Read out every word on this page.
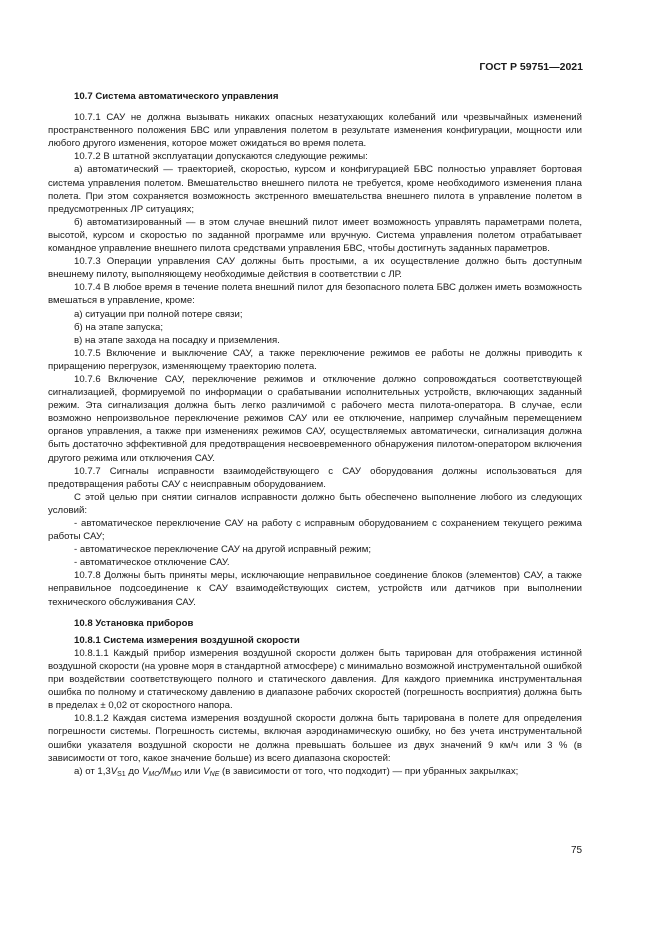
ГОСТ Р 59751—2021

10.7 Система автоматического управления

10.7.1 САУ не должна вызывать никаких опасных незатухающих колебаний или чрезвычайных изменений пространственного положения БВС или управления полетом в результате изменения конфигурации, мощности или любого другого изменения, которое может ожидаться во время полета.

10.7.2 В штатной эксплуатации допускаются следующие режимы:

а) автоматический — траекторией, скоростью, курсом и конфигурацией БВС полностью управляет бортовая система управления полетом. Вмешательство внешнего пилота не требуется, кроме необходимого изменения плана полета. При этом сохраняется возможность экстренного вмешательства внешнего пилота в управление полетом в предусмотренных ЛР ситуациях;

б) автоматизированный — в этом случае внешний пилот имеет возможность управлять параметрами полета, высотой, курсом и скоростью по заданной программе или вручную. Система управления полетом отрабатывает командное управление внешнего пилота средствами управления БВС, чтобы достигнуть заданных параметров.

10.7.3 Операции управления САУ должны быть простыми, а их осуществление должно быть доступным внешнему пилоту, выполняющему необходимые действия в соответствии с ЛР.

10.7.4 В любое время в течение полета внешний пилот для безопасного полета БВС должен иметь возможность вмешаться в управление, кроме:

а) ситуации при полной потере связи;

б) на этапе запуска;

в) на этапе захода на посадку и приземления.

10.7.5 Включение и выключение САУ, а также переключение режимов ее работы не должны приводить к приращению перегрузок, изменяющему траекторию полета.

10.7.6 Включение САУ, переключение режимов и отключение должно сопровождаться соответствующей сигнализацией, формируемой по информации о срабатывании исполнительных устройств, включающих заданный режим. Эта сигнализация должна быть легко различимой с рабочего места пилота-оператора. В случае, если возможно непроизвольное переключение режимов САУ или ее отключение, например случайным перемещением органов управления, а также при изменениях режимов САУ, осуществляемых автоматически, сигнализация должна быть достаточно эффективной для предотвращения несвоевременного обнаружения пилотом-оператором включения другого режима или отключения САУ.

10.7.7 Сигналы исправности взаимодействующего с САУ оборудования должны использоваться для предотвращения работы САУ с неисправным оборудованием.

С этой целью при снятии сигналов исправности должно быть обеспечено выполнение любого из следующих условий:

- автоматическое переключение САУ на работу с исправным оборудованием с сохранением текущего режима работы САУ;

- автоматическое переключение САУ на другой исправный режим;

- автоматическое отключение САУ.

10.7.8 Должны быть приняты меры, исключающие неправильное соединение блоков (элементов) САУ, а также неправильное подсоединение к САУ взаимодействующих систем, устройств или датчиков при выполнении технического обслуживания САУ.

10.8 Установка приборов

10.8.1 Система измерения воздушной скорости

10.8.1.1 Каждый прибор измерения воздушной скорости должен быть тарирован для отображения истинной воздушной скорости (на уровне моря в стандартной атмосфере) с минимально возможной инструментальной ошибкой при воздействии соответствующего полного и статического давления. Для каждого приемника инструментальная ошибка по полному и статическому давлению в диапазоне рабочих скоростей (погрешность восприятия) должна быть в пределах ± 0,02 от скоростного напора.

10.8.1.2 Каждая система измерения воздушной скорости должна быть тарирована в полете для определения погрешности системы. Погрешность системы, включая аэродинамическую ошибку, но без учета инструментальной ошибки указателя воздушной скорости не должна превышать большее из двух значений 9 км/ч или 3 % (в зависимости от того, какое значение больше) из всего диапазона скоростей:

а) от $1,3V_{S1}$ до $V_{MO}/M_{MO}$ или $V_{NE}$ (в зависимости от того, что подходит) — при убранных закрылках;

75
